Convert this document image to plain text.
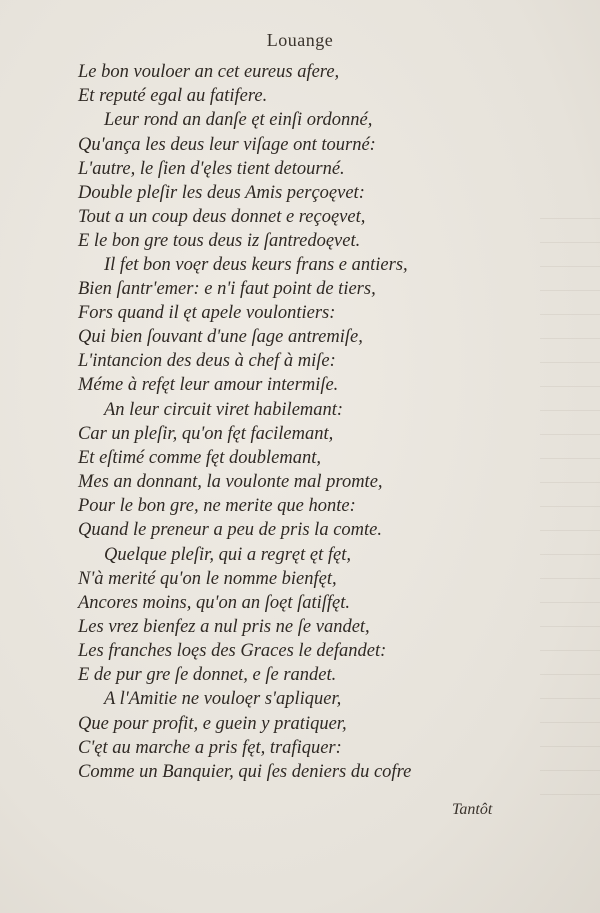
Louange
Le bon vouloer an cet eureus afere,
Et reputé egal au fatifere.
Leur rond an danſe ęt einſi ordonné,
Qu'ança les deus leur viſage ont tourné:
L'autre, le ſien d'ęles tient detourné.
Double pleſir les deus Amis perçoęvet:
Tout a un coup deus donnet e reçoęvet,
E le bon gre tous deus iz ſantredoęvet.
Il fet bon voęr deus keurs frans e antiers,
Bien ſantr'emer: e n'i faut point de tiers,
Fors quand il ęt apele voulontiers:
Qui bien ſouvant d'une ſage antremiſe,
L'intancion des deus à chef à miſe:
Méme à refęt leur amour intermiſe.
An leur circuit viret habilemant:
Car un pleſir, qu'on fęt facilemant,
Et eſtimé comme fęt doublemant,
Mes an donnant, la voulonte mal promte,
Pour le bon gre, ne merite que honte:
Quand le preneur a peu de pris la comte.
Quelque pleſir, qui a regręt ęt fęt,
N'à merité qu'on le nomme bienfęt,
Ancores moins, qu'on an ſoęt ſatiſfęt.
Les vrez bienfez a nul pris ne ſe vandet,
Les franches loęs des Graces le defandet:
E de pur gre ſe donnet, e ſe randet.
A l'Amitie ne vouloęr s'apliquer,
Que pour profit, e guein y pratiquer,
C'ęt au marche a pris fęt, trafiquer:
Comme un Banquier, qui ſes deniers du cofre
Tantôt
